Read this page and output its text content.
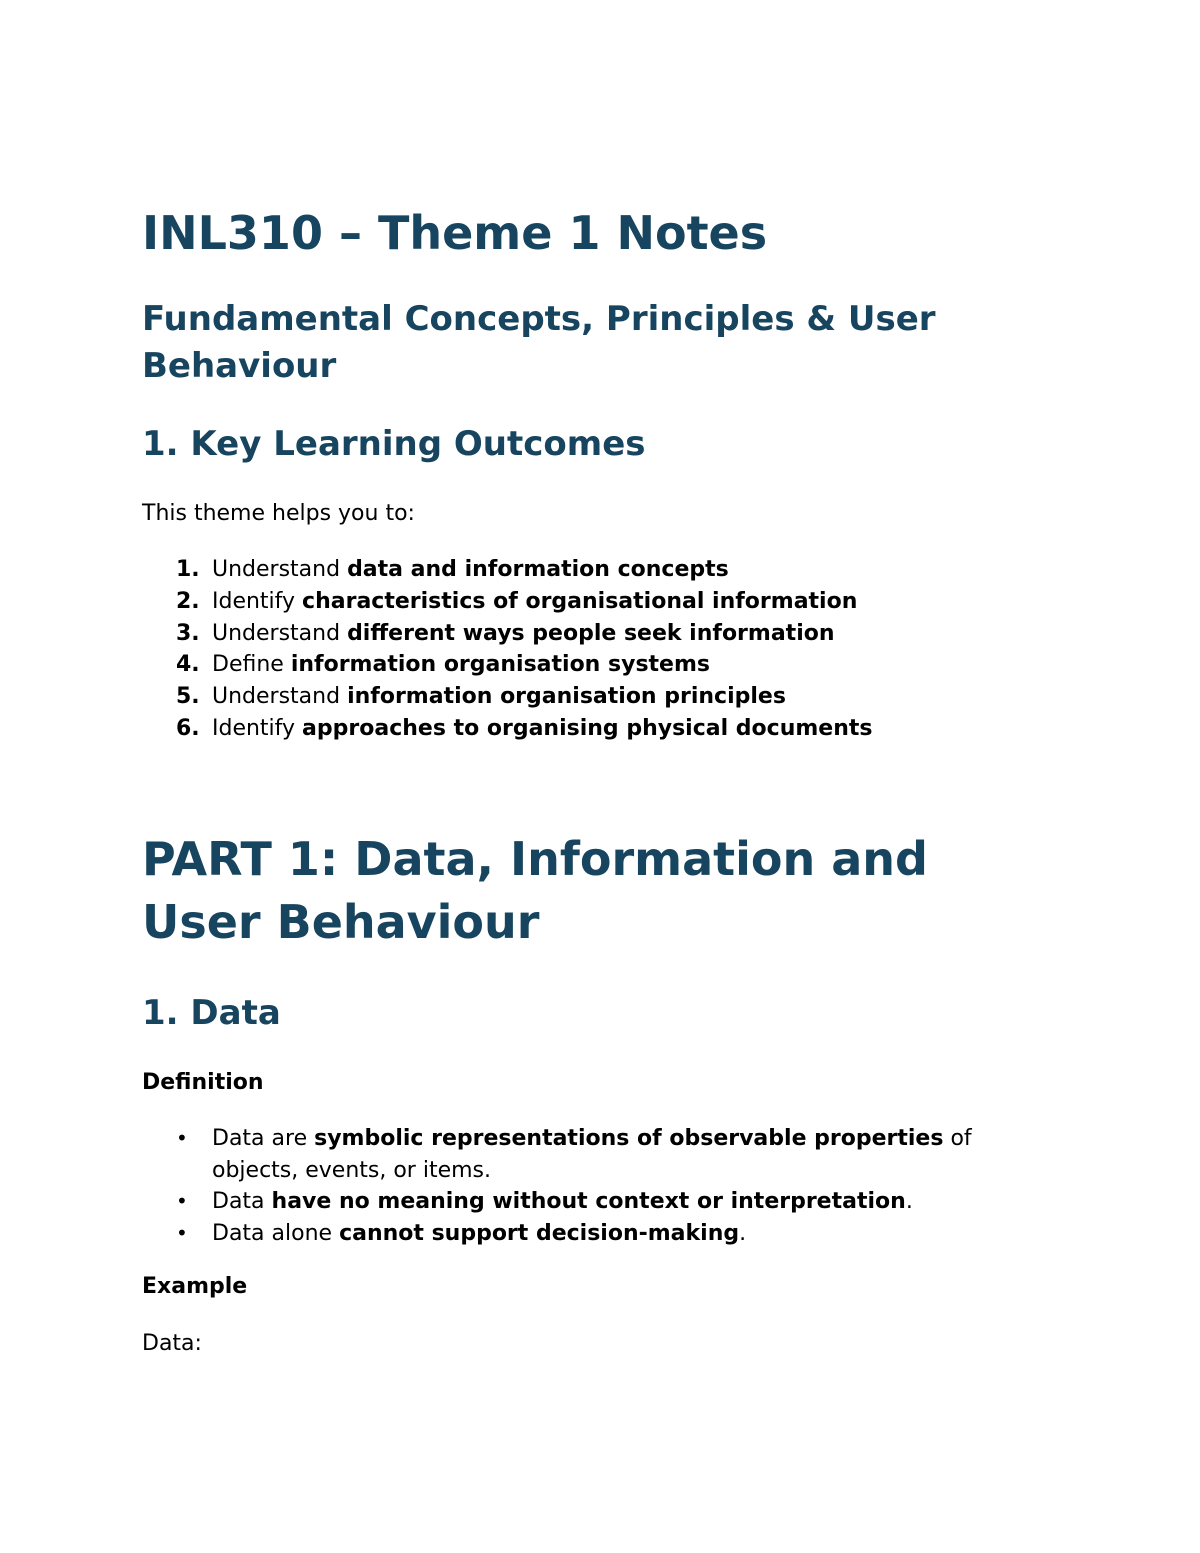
INL310 – Theme 1 Notes
Fundamental Concepts, Principles & User Behaviour
1. Key Learning Outcomes

This theme helps you to:

1. Understand data and information concepts
2. Identify characteristics of organisational information
3. Understand different ways people seek information
4. Define information organisation systems
5. Understand information organisation principles
6. Identify approaches to organising physical documents
PART 1: Data, Information and User Behaviour
1. Data

Definition

• Data are symbolic representations of observable properties of objects, events, or items.
• Data have no meaning without context or interpretation.
• Data alone cannot support decision-making.

Example

Data:
